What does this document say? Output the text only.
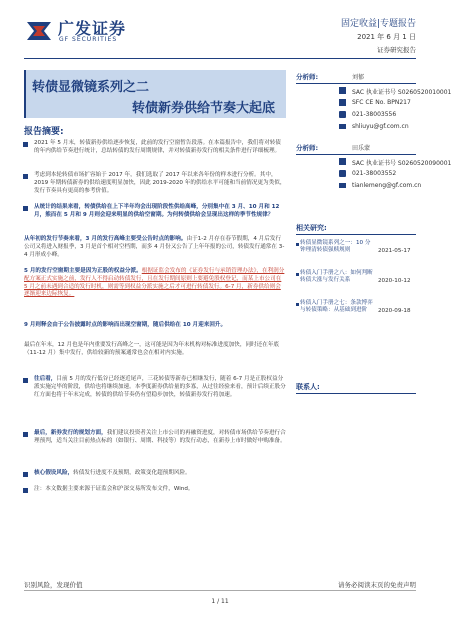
广发证券
GF SECURITIES
固定收益|专题报告
2021 年 6 月 1 日
证券研究报告
转债显微镜系列之二
转债新券供给节奏大起底
报告摘要:
2021 年 5 月末，转债新券供给逐步恢复，此前的发行空窗暂告段落。在本篇报告中，我们将对转债的年内供给节奏进行统计，总结转债的发行周期规律，并对转债新券发行的相关条件进行详细梳理。
考虑到本轮转债市场扩容始于 2017 年，我们选取了 2017 年以来各年份的样本进行分析。其中，2019 年期转债新券的供给速度明显加快，因此 2019-2020 年的供给水平可能和当前情况更为类似，发行节奏具有更高的参考价值。
从统计的结果来看，转债供给在上下半年均会出现阶段性供给高峰，分别集中在 3 月、10 月和 12 月，熊而在 5 月和 9 月则会迎来明显的供给空窗期。为何转债供给会呈现出这样的季节性规律？
从年初的发行节奏来看，3 月的发行高峰主要受公告时点的影响。由于1-2 月存在春节假期，4 月后发行公司又将进入财报季，3 月是首个相对空档期，而多 4 月份又公告了上年年报的公司，转债发行通常在 3-4 月形成小峰。
5 月的发行空窗期主要是因为正股的权益分派。根据证监会发布的《证券发行与承销管理办法》，在利润分配方案正式实施之前，发行人不得启动转债发行，且在发行期间原则上要避免股权登记，而某上市公司在 5 月之前未遇到合适的发行时机，则需等到权益分派实施之后才可进行转债发行。6-7 月，新券供给则会逐渐迎来边际恢复。
9 月则释会由于公告披露时点的影响而出现空窗期，随后供给在 10 月迎来回升。
最后在年末，12 月也是年内重要发行高峰之一，这可能是因为年末机构对标准进度加快，同时还在年底（11-12 月）集中发行，供给较新的预案通常也会在相对内实施。
往后看，目前 5 月的发行低谷已经逐近尾声，三花转债等新券已相继发行，随着 6-7 月是正股权益分派实施完毕的阶段，供给也将继续加速。本季度新券供给量的多寡，从过往经验来看，预计后续正股分红方面也将于年末完成，转债的供给节奏仍有望稳步加快，转债新券发行将加速。
最后，新券发行的规划方面，我们建议投资者关注上市公司的再融资进度，对转债市场供给节奏进行合理预判，适当关注目前热点标的（如银行、周期、科技等）的发行动态，在新券上市时做好申购准备。
核心假设风险，转债发行进度不及预期，政策变化超预期风险。
注：本文数据主要来源于证监会和沪深交易所发布文件，Wind。
分析师:	刘郁
SAC 执业证书号 S0260520010001
SFC CE No. BPN217
021-38003556
shliuyu@gf.com.cn
分析师:	田乐蒙
SAC 执业证书号 S0260520090001
021-38003552
tianlemeng@gf.com.cn
相关研究:
转债显微镜系列之一：10 分钟理清转债强赎规则	2021-05-17
转债入门手册之八：如何判断转债大涨与发行关系	2020-10-12
转债入门手册之七：条款博弈与转债策略：从基础到进阶	2020-09-18
联系人:
识别风险，发现价值	请务必阅读末页的免责声明
1 / 11
